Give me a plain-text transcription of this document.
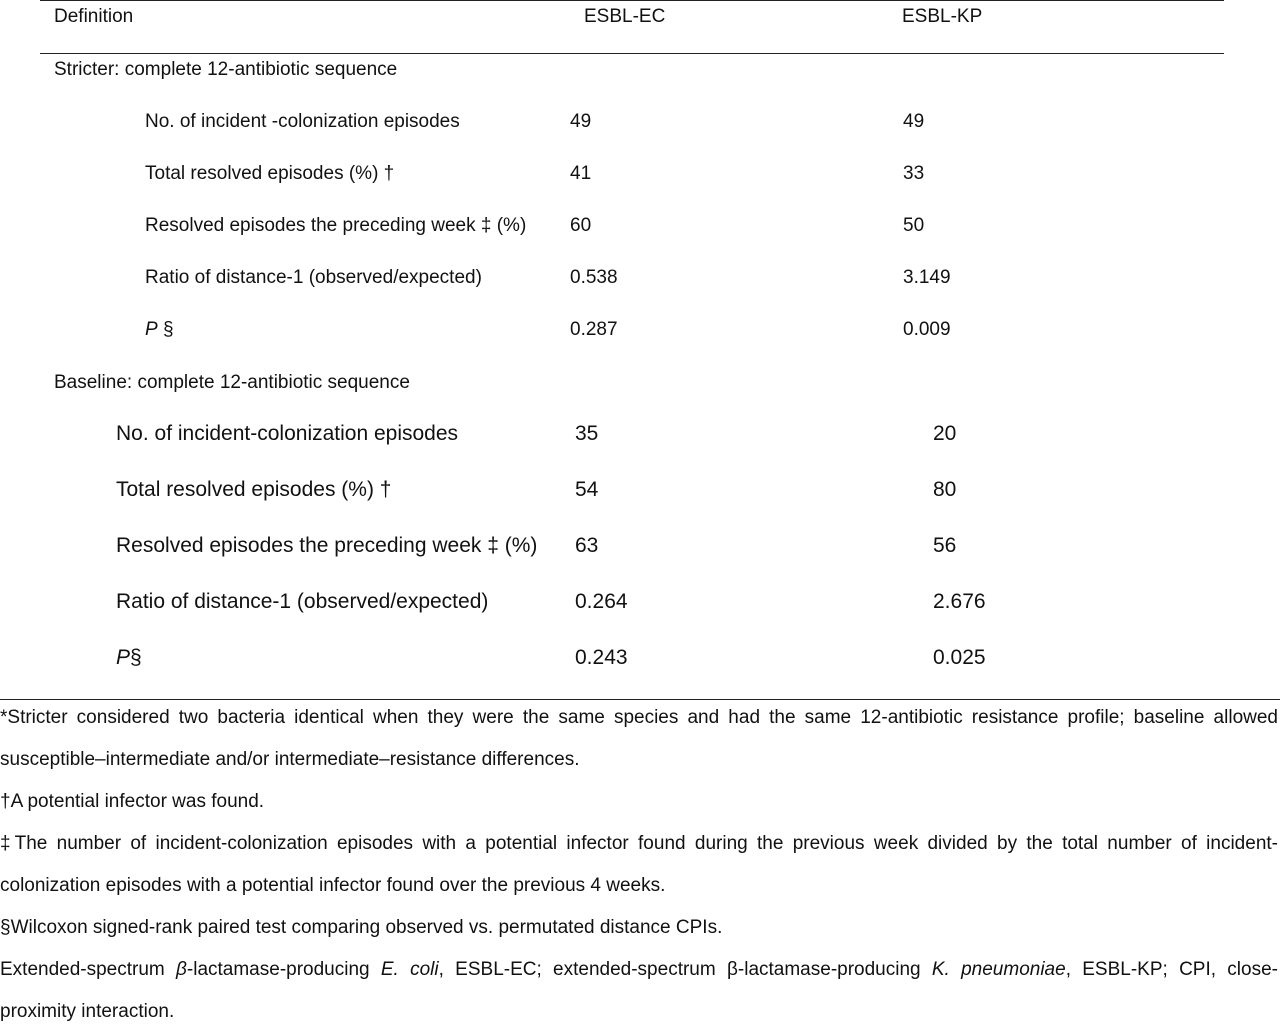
Definition	ESBL-EC	ESBL-KP
Stricter: complete 12-antibiotic sequence
No. of incident -colonization episodes	49	49
Total resolved episodes (%) †	41	33
Resolved episodes the preceding week ‡ (%) 60	50
Ratio of distance-1 (observed/expected)	0.538	3.149
P §	0.287	0.009
Baseline: complete 12-antibiotic sequence
No. of incident-colonization episodes	35	20
Total resolved episodes (%) †	54	80
Resolved episodes the preceding week ‡ (%) 63	56
Ratio of distance-1 (observed/expected)	0.264	2.676
P§	0.243	0.025

*Stricter considered two bacteria identical when they were the same species and had the same 12-antibiotic resistance profile; baseline allowed susceptible–intermediate and/or intermediate–resistance differences.

†A potential infector was found.

‡The number of incident-colonization episodes with a potential infector found during the previous week divided by the total number of incident-colonization episodes with a potential infector found over the previous 4 weeks.

§Wilcoxon signed-rank paired test comparing observed vs. permutated distance CPIs.

Extended-spectrum β-lactamase-producing E. coli, ESBL-EC; extended-spectrum β-lactamase-producing K. pneumoniae, ESBL-KP; CPI, close-proximity interaction.
